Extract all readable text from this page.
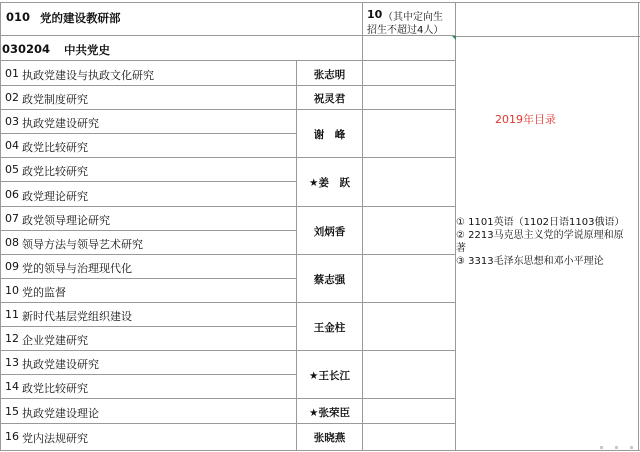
010 党的建设教研部	10 （其中定向生
招生不超过4人）
030204 中共党史
01 执政党建设与执政文化研究
02 政党制度研究
03 执政党建设研究
04 政党比较研究
05 政党比较研究
06 政党理论研究
07 政党领导理论研究
08 领导方法与领导艺术研究
09 党的领导与治理现代化
10 党的监督
11 新时代基层党组织建设
12 企业党建研究
13 执政党建设研究
14 政党比较研究
15 执政党建设理论
16 党内法规研究
张志明
祝灵君
谢　峰
★姜　跃
刘炳香
蔡志强
王金柱
★王长江
★张荣臣
张晓燕
2019年目录
① 1101英语（1102日语1103俄语）
② 2213马克思主义党的学说原理和原
著
③ 3313毛泽东思想和邓小平理论
